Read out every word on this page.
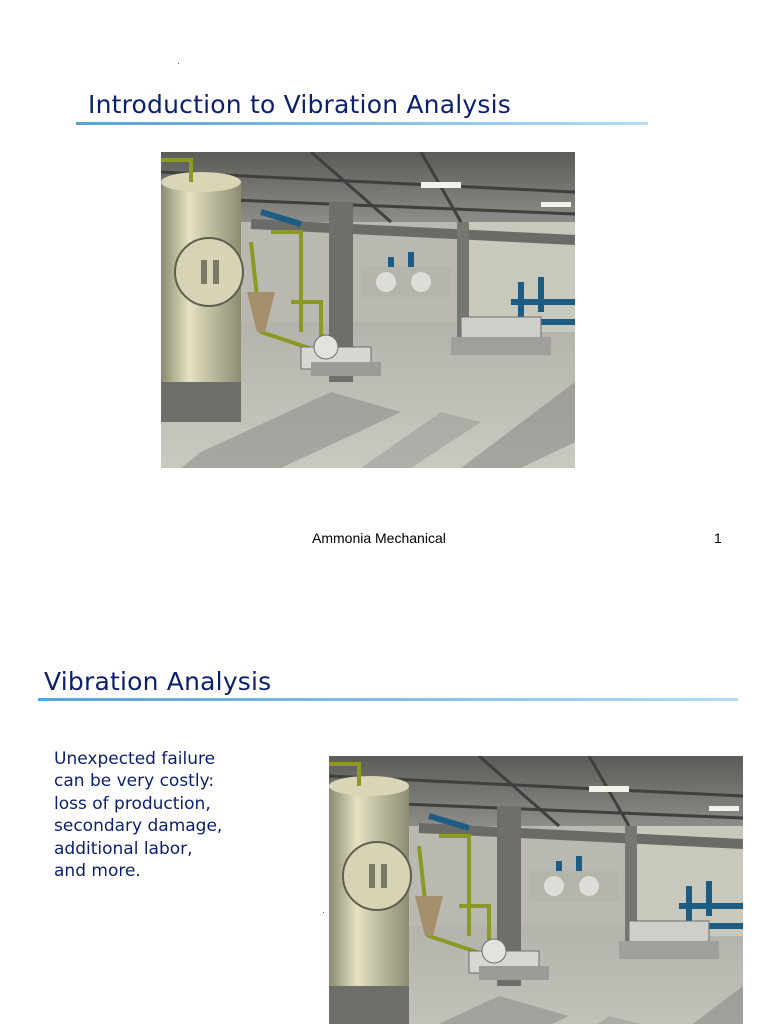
Introduction to Vibration Analysis
Ammonia Mechanical	1
Vibration Analysis
Unexpected failure
can be very costly:
loss of production,
secondary damage,
additional labor,
and more.
